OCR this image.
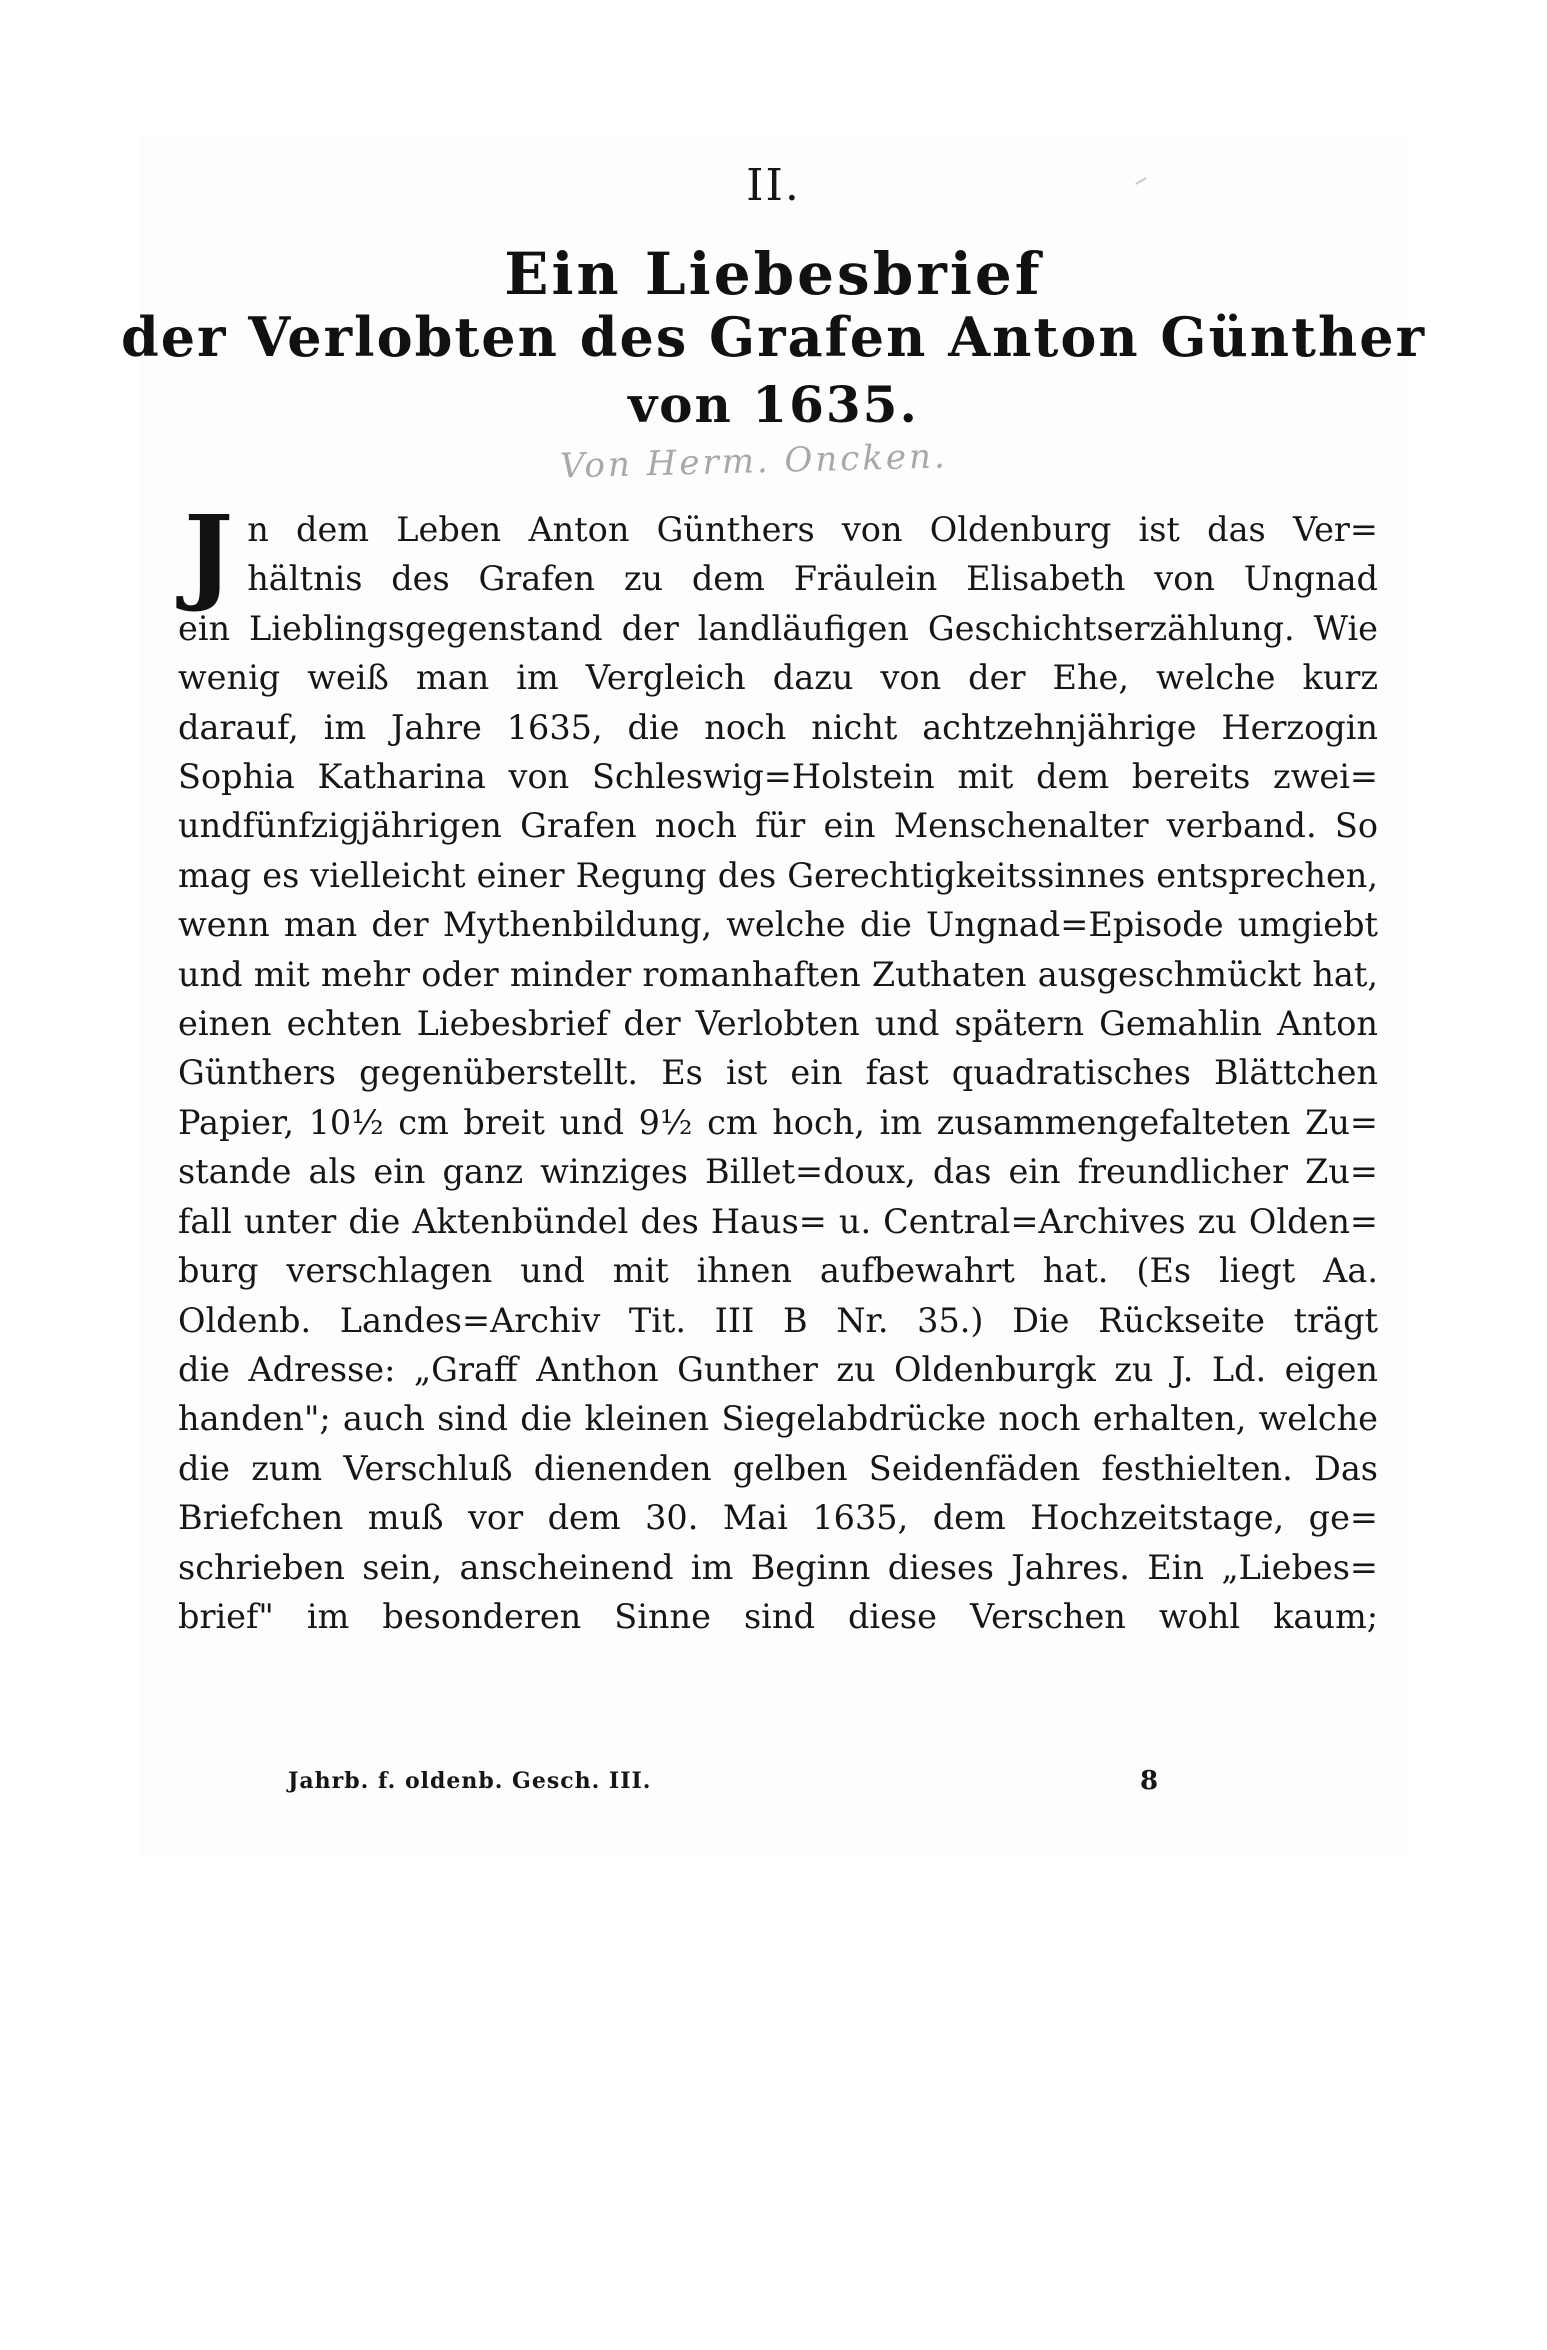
II.
Ein Liebesbrief
der Verlobten des Grafen Anton Günther
von 1635.
Von Herm. Oncken.
J n dem Leben Anton Günthers von Oldenburg ist das Ver=
hältnis des Grafen zu dem Fräulein Elisabeth von Ungnad
ein Lieblingsgegenstand der landläufigen Geschichtserzählung. Wie
wenig weiß man im Vergleich dazu von der Ehe, welche kurz
darauf, im Jahre 1635, die noch nicht achtzehnjährige Herzogin
Sophia Katharina von Schleswig=Holstein mit dem bereits zwei=
undfünfzigjährigen Grafen noch für ein Menschenalter verband. So
mag es vielleicht einer Regung des Gerechtigkeitssinnes entsprechen,
wenn man der Mythenbildung, welche die Ungnad=Episode umgiebt
und mit mehr oder minder romanhaften Zuthaten ausgeschmückt hat,
einen echten Liebesbrief der Verlobten und spätern Gemahlin Anton
Günthers gegenüberstellt. Es ist ein fast quadratisches Blättchen
Papier, 10½ cm breit und 9½ cm hoch, im zusammengefalteten Zu=
stande als ein ganz winziges Billet=doux, das ein freundlicher Zu=
fall unter die Aktenbündel des Haus= u. Central=Archives zu Olden=
burg verschlagen und mit ihnen aufbewahrt hat. (Es liegt Aa.
Oldenb. Landes=Archiv Tit. III B Nr. 35.) Die Rückseite trägt
die Adresse: „Graff Anthon Gunther zu Oldenburgk zu J. Ld. eigen
handen"; auch sind die kleinen Siegelabdrücke noch erhalten, welche
die zum Verschluß dienenden gelben Seidenfäden festhielten. Das
Briefchen muß vor dem 30. Mai 1635, dem Hochzeitstage, ge=
schrieben sein, anscheinend im Beginn dieses Jahres. Ein „Liebes=
brief" im besonderen Sinne sind diese Verschen wohl kaum;
Jahrb. f. oldenb. Gesch. III.	8
